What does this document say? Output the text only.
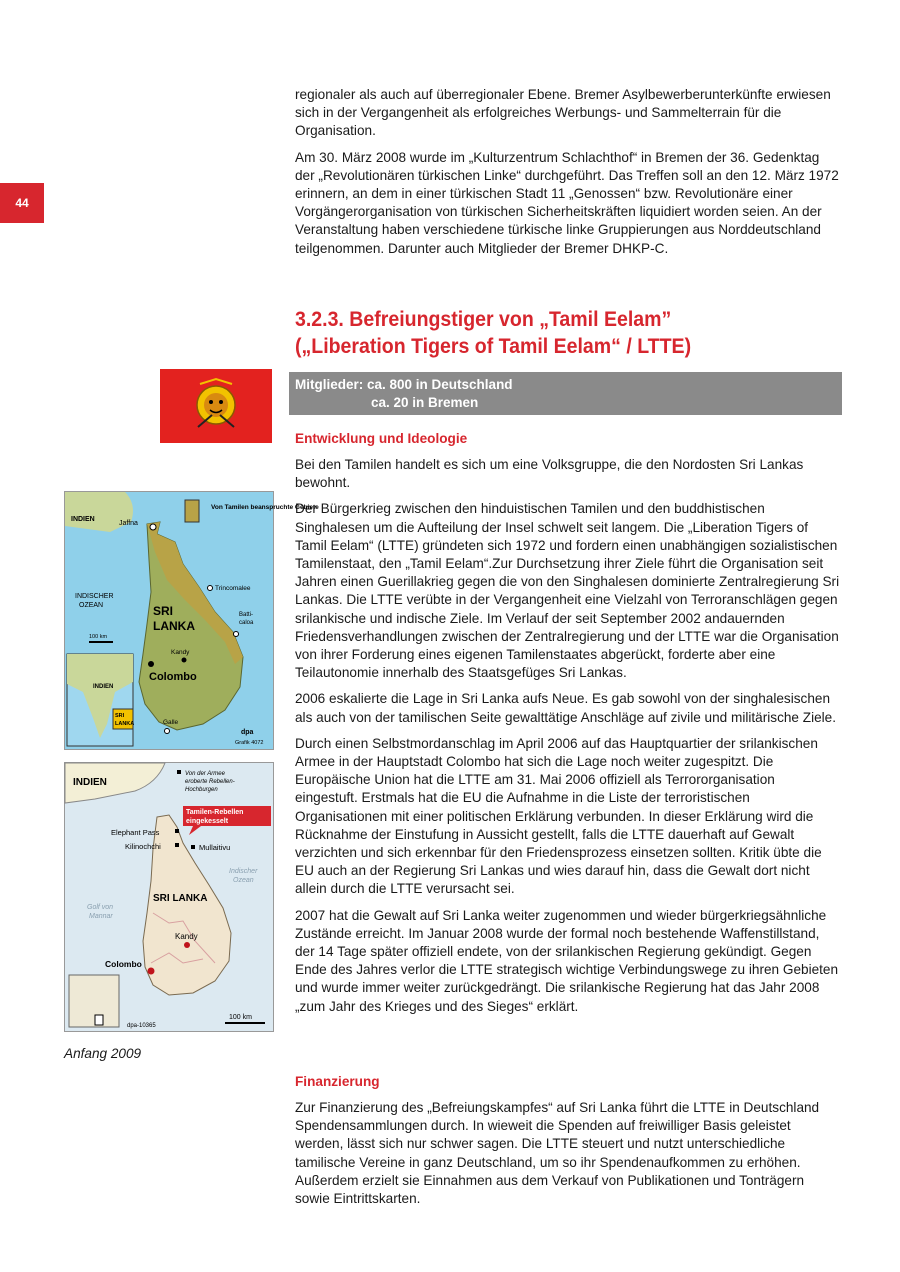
44

regionaler als auch auf überregionaler Ebene. Bremer Asylbewerberunterkünfte erwiesen sich in der Vergangenheit als erfolgreiches Werbungs- und Sammelterrain für die Organisation.

Am 30. März 2008 wurde im „Kulturzentrum Schlachthof“ in Bremen der 36. Gedenktag der „Revolutionären türkischen Linke“ durchgeführt. Das Treffen soll an den 12. März 1972 erinnern, an dem in einer türkischen Stadt 11 „Genossen“ bzw. Revolutionäre einer Vorgängerorganisation von türkischen Sicherheitskräften liquidiert worden seien. An der Veranstaltung haben verschiedene türkische linke Gruppierungen aus Norddeutschland teilgenommen. Darunter auch Mitglieder der Bremer DHKP-C.

3.2.3. Befreiungstiger von „Tamil Eelam”
(„Liberation Tigers of Tamil Eelam“ / LTTE)
Mitglieder: ca. 800 in Deutschland
ca. 20 in Bremen
Entwicklung und Ideologie

Bei den Tamilen handelt es sich um eine Volksgruppe, die den Nordosten Sri Lankas bewohnt.

Der Bürgerkrieg zwischen den hinduistischen Tamilen und den buddhistischen Singhalesen um die Aufteilung der Insel schwelt seit langem. Die „Liberation Tigers of Tamil Eelam“ (LTTE) gründeten sich 1972 und fordern einen unabhängigen sozialistischen Tamilenstaat, den „Tamil Eelam“.Zur Durchsetzung ihrer Ziele führt die Organisation seit Jahren einen Guerillakrieg gegen die von den Singhalesen dominierte Zentralregierung Sri Lankas. Die LTTE verübte in der Vergangenheit eine Vielzahl von Terroranschlägen gegen srilankische und indische Ziele. Im Verlauf der seit September 2002 andauernden Friedensverhandlungen zwischen der Zentralregierung und der LTTE war die Organisation von ihrer Forderung eines eigenen Tamilenstaates abgerückt, forderte aber eine Teilautonomie innerhalb des Staatsgefüges Sri Lankas.

2006 eskalierte die Lage in Sri Lanka aufs Neue. Es gab sowohl von der singhalesischen als auch von der tamilischen Seite gewalttätige Anschläge auf zivile und militärische Ziele.

Durch einen Selbstmordanschlag im April 2006 auf das Hauptquartier der srilankischen Armee in der Hauptstadt Colombo hat sich die Lage noch weiter zugespitzt. Die Europäische Union hat die LTTE am 31. Mai 2006 offiziell als Terrororganisation eingestuft. Erstmals hat die EU die Aufnahme in die Liste der terroristischen Organisationen mit einer politischen Erklärung verbunden. In dieser Erklärung wird die Rücknahme der Einstufung in Aussicht gestellt, falls die LTTE dauerhaft auf Gewalt verzichten und sich erkennbar für den Friedensprozess einsetzen sollten. Kritik übte die EU auch an der Regierung Sri Lankas und wies darauf hin, dass die Gewalt dort nicht allein durch die LTTE verursacht sei.

2007 hat die Gewalt auf Sri Lanka weiter zugenommen und wieder bürgerkriegsähnliche Zustände erreicht. Im Januar 2008 wurde der formal noch bestehende Waffenstillstand, der 14 Tage später offiziell endete, von der srilankischen Regierung gekündigt. Gegen Ende des Jahres verlor die LTTE strategisch wichtige Verbindungswege zu ihren Gebieten und wurde immer weiter zurückgedrängt. Die srilankische Regierung hat das Jahr 2008 „zum Jahr des Krieges und des Sieges“ erklärt.

Finanzierung

Zur Finanzierung des „Befreiungskampfes“ auf Sri Lanka führt die LTTE in Deutschland Spendensammlungen durch. In wieweit die Spenden auf freiwilliger Basis geleistet werden, lässt sich nur schwer sagen. Die LTTE steuert und nutzt unterschiedliche tamilische Vereine in ganz Deutschland, um so ihr Spendenaufkommen zu erhöhen. Außerdem erzielt sie Einnahmen aus dem Verkauf von Publikationen und Tonträgern sowie Eintrittskarten.

Von Tamilen beanspruchte Gebiete
INDIEN
Jaffna
INDISCHER
OZEAN	SRI
LANKA
Trincomalee
Batti-
caloa
Kandy
Colombo
Galle
100 km
INDIEN
SRI
LANKA
dpa
Grafik 4072
INDIEN
Von der Armee
eroberte Rebellen-
Hochburgen
Tamilen-Rebellen
eingekesselt
Elephant Pass
Kilinochchi	Mullaitivu
Indischer
Ozean
Golf von
Mannar
SRI LANKA
Kandy
Colombo
dpa-10365
100 km
Anfang 2009
